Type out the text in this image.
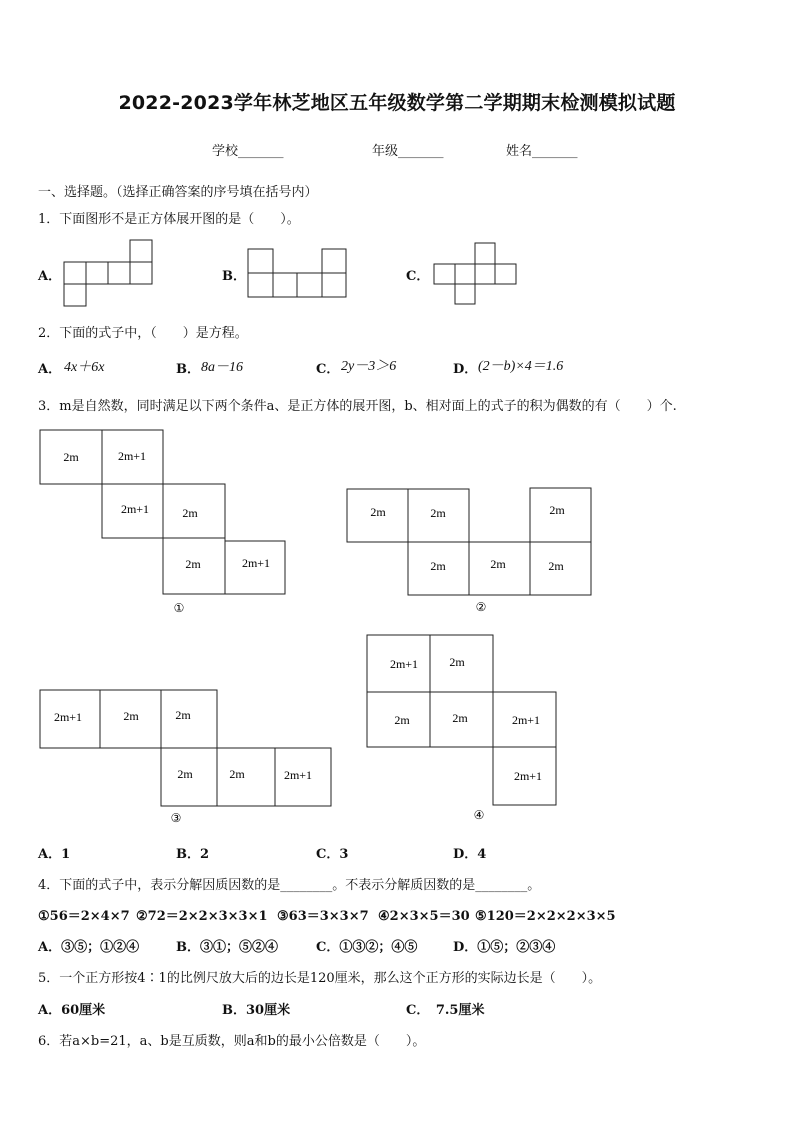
2022-2023学年林芝地区五年级数学第二学期期末检测模拟试题
学校_______	年级_______	姓名_______
一、选择题。（选择正确答案的序号填在括号内）
1．下面图形不是正方体展开图的是（　　）。
A．	B．	C．
2．下面的式子中，（　　）是方程。
A． 4x＋6x	B． 8a－16	C． 2y－3＞6	D． (2－b)×4＝1.6
3．m是自然数，同时满足以下两个条件a、是正方体的展开图，b、相对面上的式子的积为偶数的有（　　）个.
2m	2m+1
2m+1	2m
2m	2m+1
①
2m	2m	2m
2m	2m	2m
②
2m+1	2m	2m
2m	2m	2m+1
③
2m+1	2m
2m	2m	2m+1
2m+1
④
A．1	B．2	C．3	D．4
4．下面的式子中，表示分解因质因数的是________。不表示分解质因数的是________。
①56＝2×4×7 ②72＝2×2×3×3×1 ③63＝3×3×7 ④2×3×5＝30 ⑤120＝2×2×2×3×5
A．③⑤；①②④	B．③①；⑤②④	C．①③②；④⑤	D．①⑤；②③④
5．一个正方形按4∶1的比例尺放大后的边长是120厘米，那么这个正方形的实际边长是（　　）。
A．60厘米	B．30厘米	C．　7.5厘米
6．若a×b=21，a、b是互质数，则a和b的最小公倍数是（　　）。
